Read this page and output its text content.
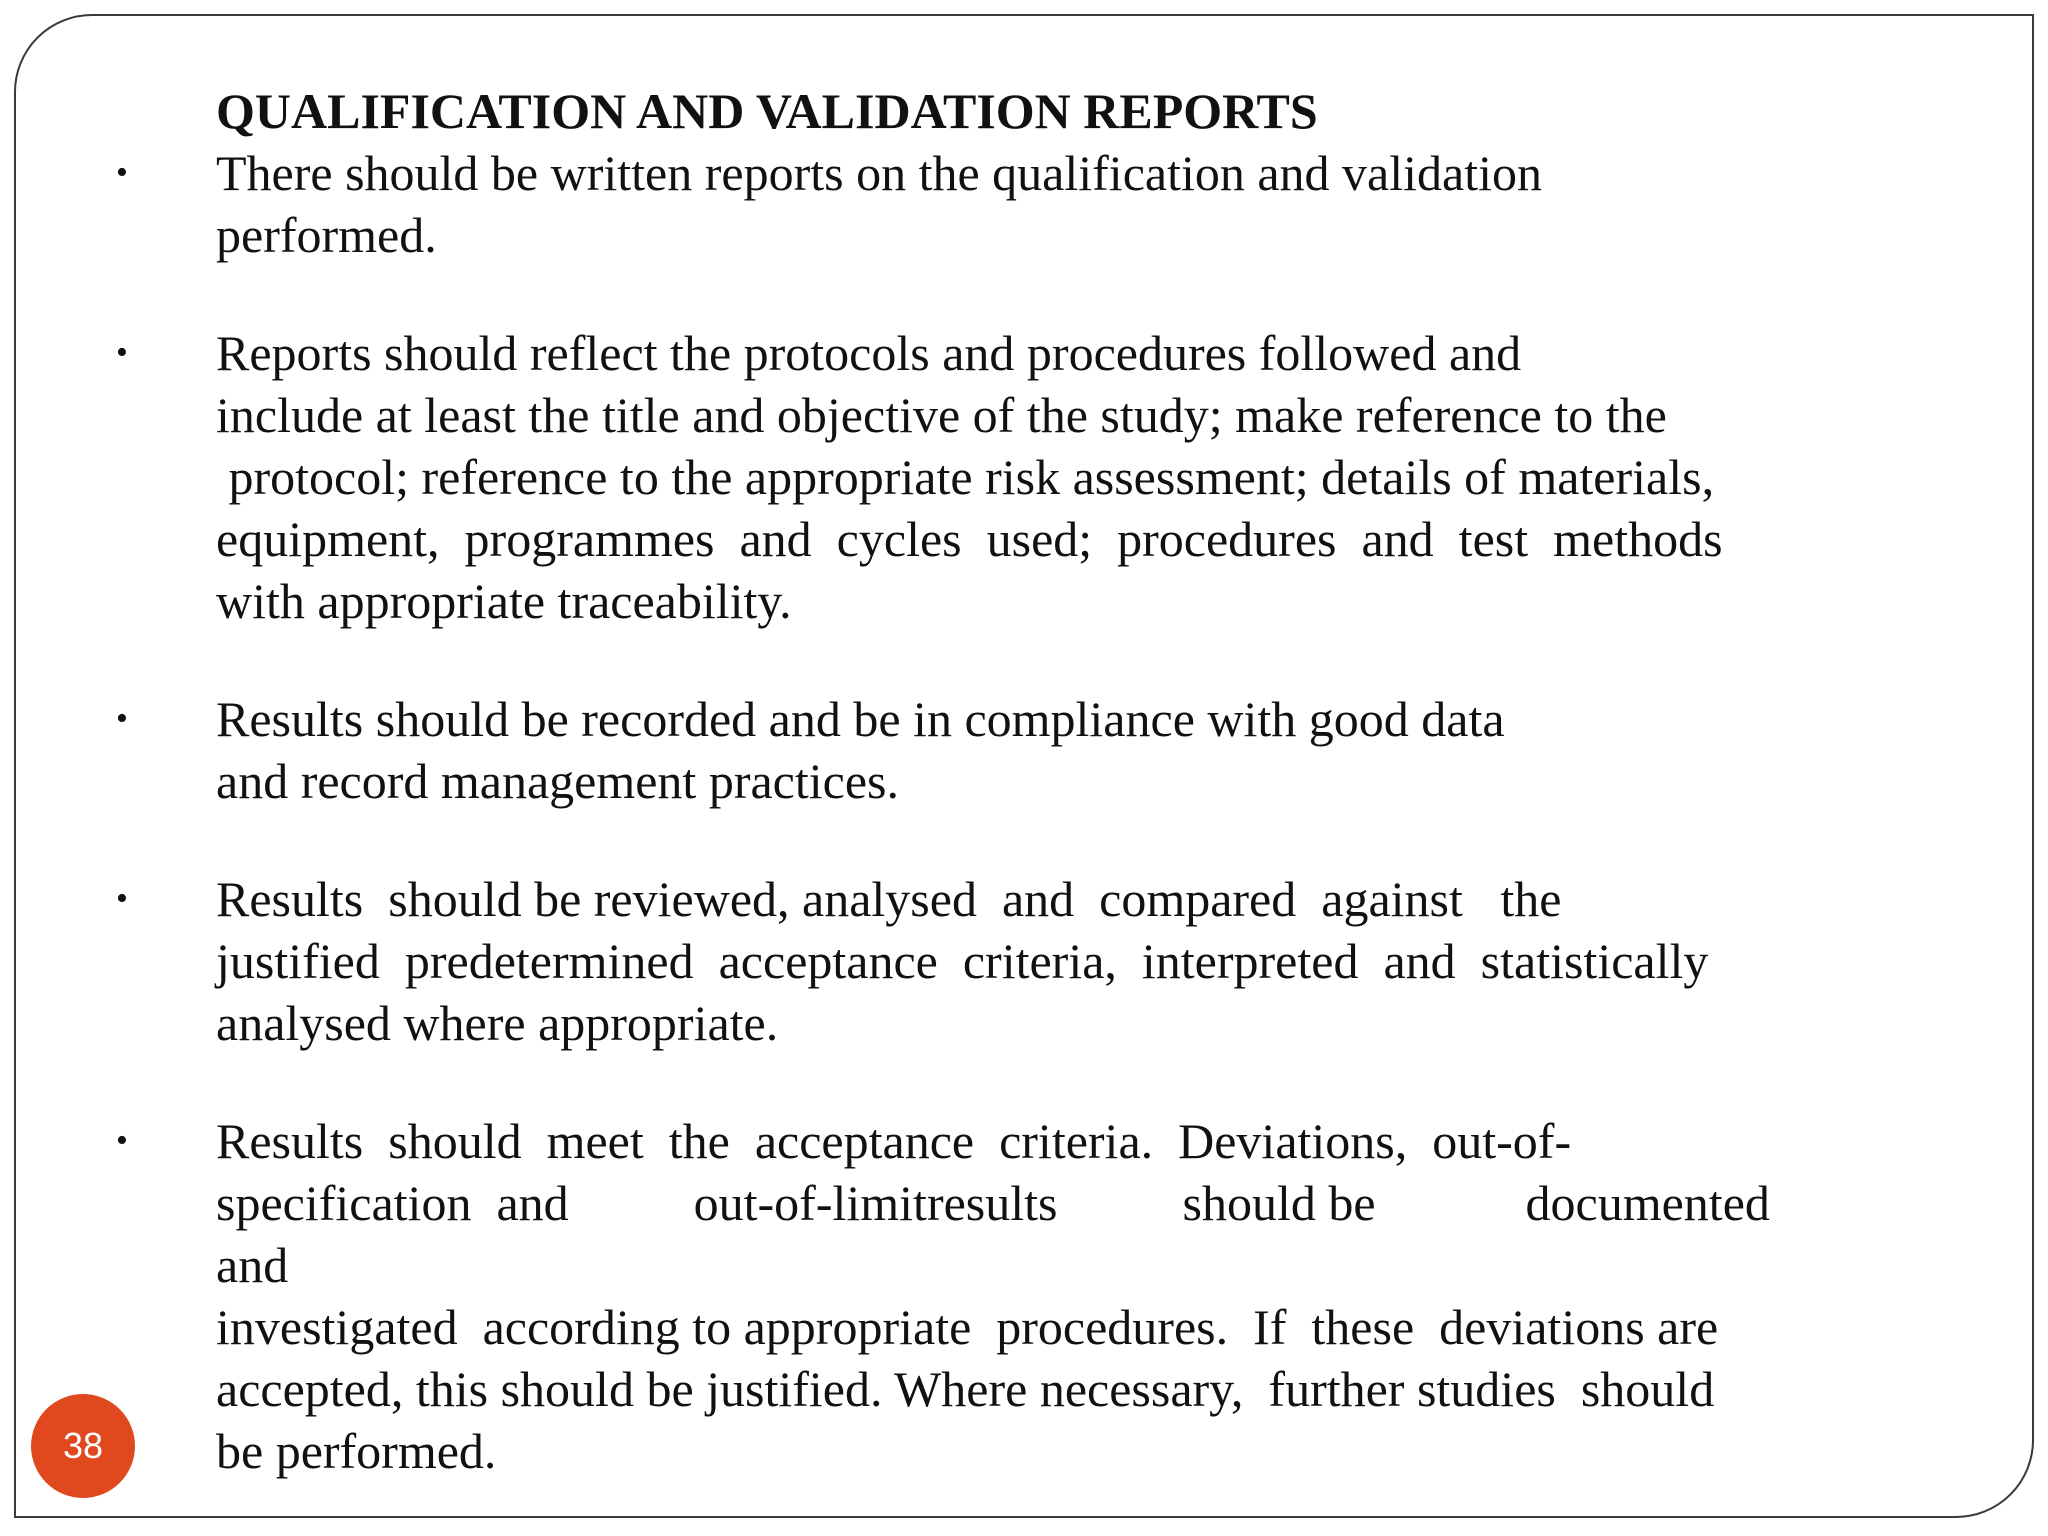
QUALIFICATION AND VALIDATION REPORTS
• There should be written reports on the qualification and validation
performed.
• Reports should reflect the protocols and procedures followed and
include at least the title and objective of the study; make reference to the
protocol; reference to the appropriate risk assessment; details of materials,
equipment,  programmes  and  cycles  used;  procedures  and  test  methods
with appropriate traceability.
• Results should be recorded and be in compliance with good data
and record management practices.
• Results  should be reviewed, analysed  and  compared  against   the
justified  predetermined  acceptance  criteria,  interpreted  and  statistically
analysed where appropriate.
• Results  should  meet  the  acceptance  criteria.  Deviations,  out-of-
specification  and          out-of-limitresults          should be            documented
and
investigated  according to appropriate  procedures.  If  these  deviations are
accepted, this should be justified. Where necessary,  further studies  should
be performed.
38
